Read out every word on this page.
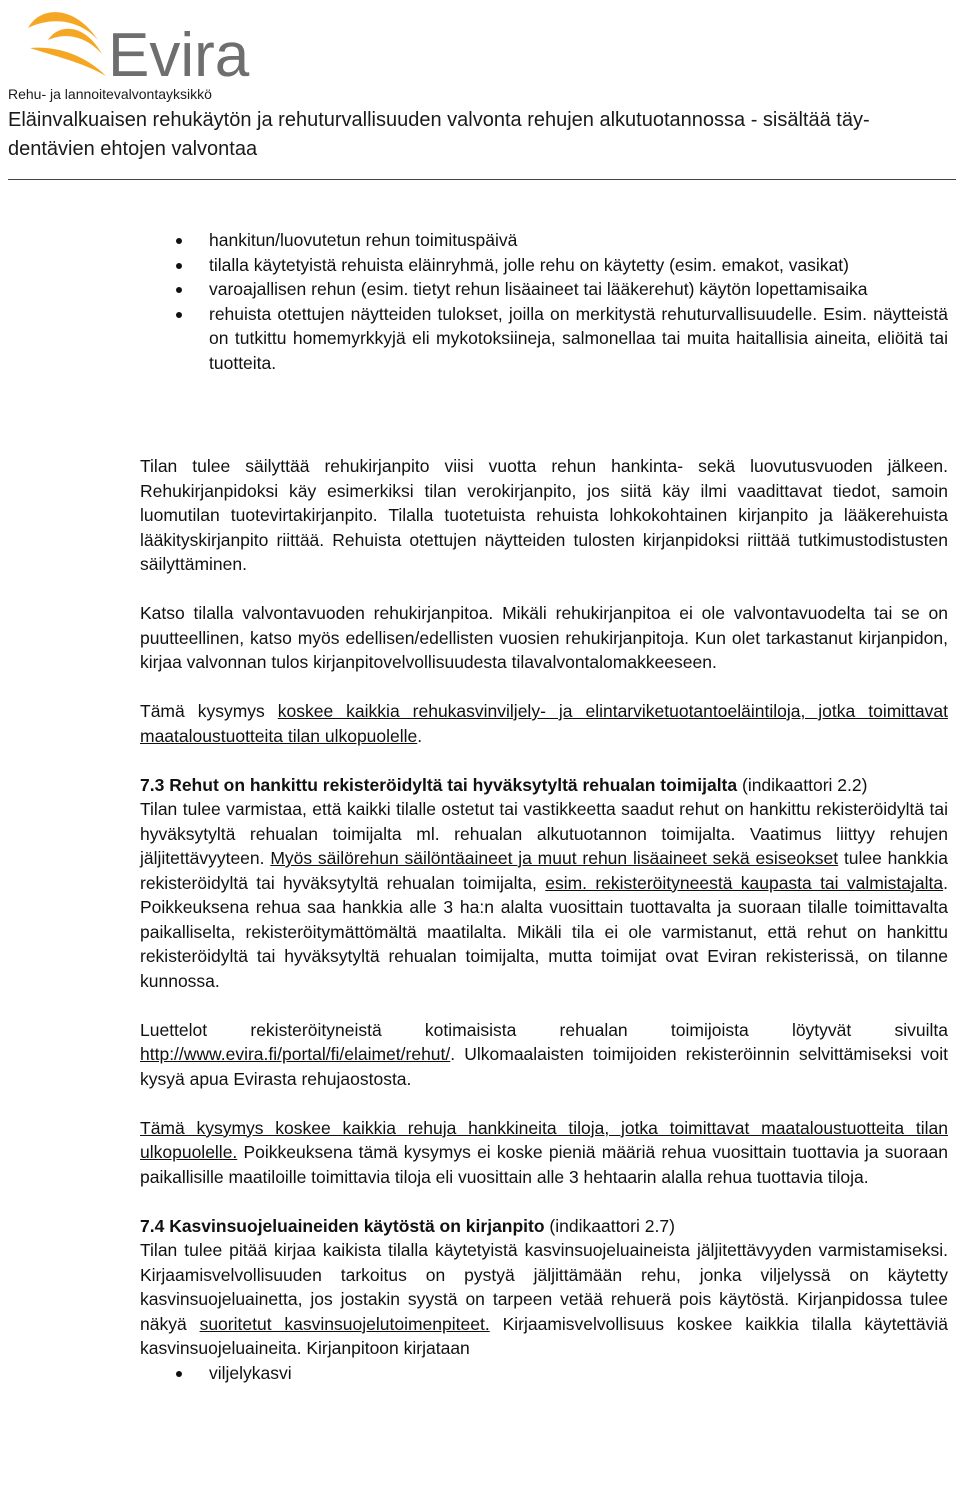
Evira
Rehu- ja lannoitevalvontayksikkö
Eläinvalkuaisen rehukäytön ja rehuturvallisuuden valvonta rehujen alkutuotannossa - sisältää täy-dentävien ehtojen valvontaa
hankitun/luovutetun rehun toimituspäivä
tilalla käytetyistä rehuista eläinryhmä, jolle rehu on käytetty (esim. emakot, vasikat)
varoajallisen rehun (esim. tietyt rehun lisäaineet tai lääkerehut) käytön lopettamisaika
rehuista otettujen näytteiden tulokset, joilla on merkitystä rehuturvallisuudelle. Esim. näytteistä on tutkittu homemyrkkyjä eli mykotoksiineja, salmonellaa tai muita haitallisia aineita, eliöitä tai tuotteita.

Tilan tulee säilyttää rehukirjanpito viisi vuotta rehun hankinta- sekä luovutusvuoden jälkeen. Rehukirjanpidoksi käy esimerkiksi tilan verokirjanpito, jos siitä käy ilmi vaadittavat tiedot, samoin luomutilan tuotevirtakirjanpito. Tilalla tuotetuista rehuista lohkokohtainen kirjanpito ja lääkerehuista lääkityskirjanpito riittää. Rehuista otettujen näytteiden tulosten kirjanpidoksi riittää tutkimustodistusten säilyttäminen.

Katso tilalla valvontavuoden rehukirjanpitoa. Mikäli rehukirjanpitoa ei ole valvontavuodelta tai se on puutteellinen, katso myös edellisen/edellisten vuosien rehukirjanpitoja. Kun olet tarkastanut kirjanpidon, kirjaa valvonnan tulos kirjanpitovelvollisuudesta tilavalvontalomakkeeseen.

Tämä kysymys koskee kaikkia rehukasvinviljely- ja elintarviketuotantoeläintiloja, jotka toimittavat maataloustuotteita tilan ulkopuolelle.

7.3 Rehut on hankittu rekisteröidyltä tai hyväksytyltä rehualan toimijalta (indikaattori 2.2)

Tilan tulee varmistaa, että kaikki tilalle ostetut tai vastikkeetta saadut rehut on hankittu rekisteröidyltä tai hyväksytyltä rehualan toimijalta ml. rehualan alkutuotannon toimijalta. Vaatimus liittyy rehujen jäljitettävyyteen. Myös säilörehun säilöntäaineet ja muut rehun lisäaineet sekä esiseokset tulee hankkia rekisteröidyltä tai hyväksytyltä rehualan toimijalta, esim. rekisteröityneestä kaupasta tai valmistajalta. Poikkeuksena rehua saa hankkia alle 3 ha:n alalta vuosittain tuottavalta ja suoraan tilalle toimittavalta paikalliselta, rekisteröitymättömältä maatilalta. Mikäli tila ei ole varmistanut, että rehut on hankittu rekisteröidyltä tai hyväksytyltä rehualan toimijalta, mutta toimijat ovat Eviran rekisterissä, on tilanne kunnossa.

Luettelot rekisteröityneistä kotimaisista rehualan toimijoista löytyvät sivuilta http://www.evira.fi/portal/fi/elaimet/rehut/. Ulkomaalaisten toimijoiden rekisteröinnin selvittämiseksi voit kysyä apua Evirasta rehujaostosta.

Tämä kysymys koskee kaikkia rehuja hankkineita tiloja, jotka toimittavat maataloustuotteita tilan ulkopuolelle. Poikkeuksena tämä kysymys ei koske pieniä määriä rehua vuosittain tuottavia ja suoraan paikallisille maatiloille toimittavia tiloja eli vuosittain alle 3 hehtaarin alalla rehua tuottavia tiloja.

7.4 Kasvinsuojeluaineiden käytöstä on kirjanpito (indikaattori 2.7)

Tilan tulee pitää kirjaa kaikista tilalla käytetyistä kasvinsuojeluaineista jäljitettävyyden varmistamiseksi. Kirjaamisvelvollisuuden tarkoitus on pystyä jäljittämään rehu, jonka viljelyssä on käytetty kasvinsuojeluainetta, jos jostakin syystä on tarpeen vetää rehuerä pois käytöstä. Kirjanpidossa tulee näkyä suoritetut kasvinsuojelutoimenpiteet. Kirjaamisvelvollisuus koskee kaikkia tilalla käytettäviä kasvinsuojeluaineita. Kirjanpitoon kirjataan

viljelykasvi
